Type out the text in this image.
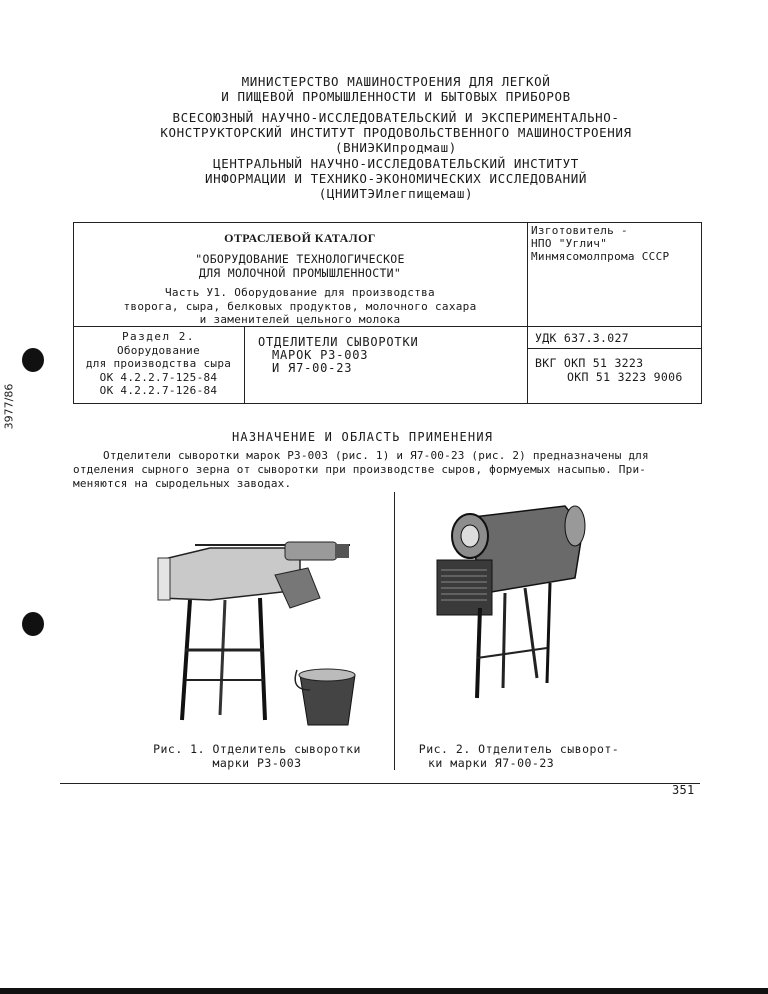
3977/86
МИНИСТЕРСТВО МАШИНОСТРОЕНИЯ ДЛЯ ЛЕГКОЙ
И ПИЩЕВОЙ ПРОМЫШЛЕННОСТИ И БЫТОВЫХ ПРИБОРОВ
ВСЕСОЮЗНЫЙ НАУЧНО-ИССЛЕДОВАТЕЛЬСКИЙ И ЭКСПЕРИМЕНТАЛЬНО-
КОНСТРУКТОРСКИЙ ИНСТИТУТ ПРОДОВОЛЬСТВЕННОГО МАШИНОСТРОЕНИЯ
(ВНИЭКИпродмаш)
ЦЕНТРАЛЬНЫЙ НАУЧНО-ИССЛЕДОВАТЕЛЬСКИЙ ИНСТИТУТ
ИНФОРМАЦИИ И ТЕХНИКО-ЭКОНОМИЧЕСКИХ ИССЛЕДОВАНИЙ
(ЦНИИТЭИлегпищемаш)
ОТРАСЛЕВОЙ КАТАЛОГ
"ОБОРУДОВАНИЕ ТЕХНОЛОГИЧЕСКОЕ
ДЛЯ МОЛОЧНОЙ ПРОМЫШЛЕННОСТИ"
Часть У1. Оборудование для производства
творога, сыра, белковых продуктов, молочного сахара
и заменителей цельного молока
Изготовитель -
НПО "Углич"
Минмясомолпрома СССР
Раздел 2.
Оборудование
для производства сыра
ОК 4.2.2.7-125-84
ОК 4.2.2.7-126-84
ОТДЕЛИТЕЛИ СЫВОРОТКИ
МАРОК РЗ-003
И Я7-00-23
УДК 637.3.027
ВКГ ОКП 51 3223
ОКП 51 3223 9006
НАЗНАЧЕНИЕ И ОБЛАСТЬ ПРИМЕНЕНИЯ
Отделители сыворотки марок РЗ-003 (рис. 1) и Я7-00-23 (рис. 2) предназначены для
отделения сырного зерна от сыворотки при производстве сыров, формуемых насыпью. При-
меняются на сыродельных заводах.
Рис. 1. Отделитель сыворотки
марки РЗ-003
Рис. 2. Отделитель сыворот-
ки марки Я7-00-23
351
